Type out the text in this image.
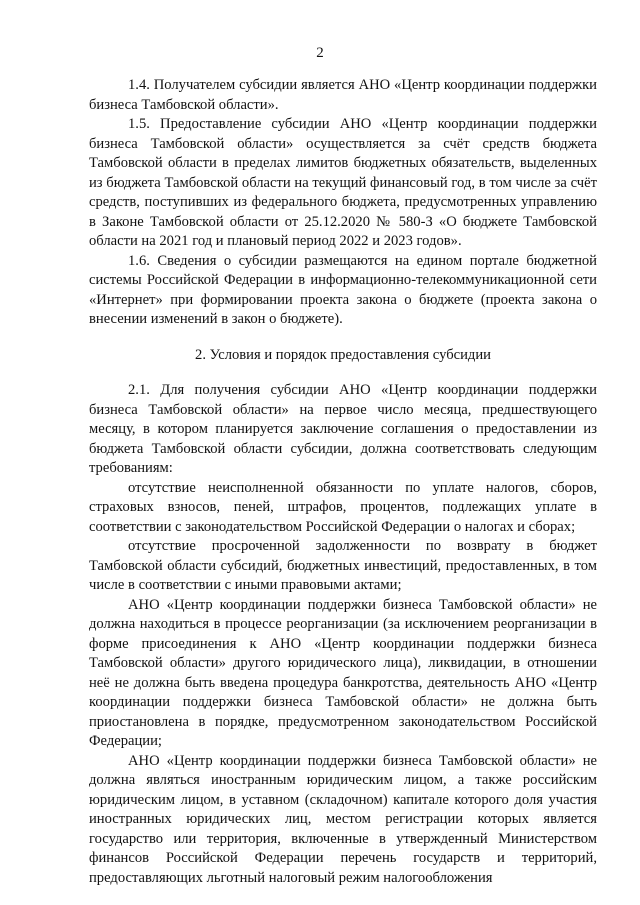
2

1.4. Получателем субсидии является АНО «Центр координации поддержки бизнеса Тамбовской области».

1.5. Предоставление субсидии АНО «Центр координации поддержки бизнеса Тамбовской области» осуществляется за счёт средств бюджета Тамбовской области в пределах лимитов бюджетных обязательств, выделенных из бюджета Тамбовской области на текущий финансовый год, в том числе за счёт средств, поступивших из федерального бюджета, предусмотренных управлению в Законе Тамбовской области от 25.12.2020 № 580-З «О бюджете Тамбовской области на 2021 год и плановый период 2022 и 2023 годов».

1.6. Сведения о субсидии размещаются на едином портале бюджетной системы Российской Федерации в информационно-телекоммуникационной сети «Интернет» при формировании проекта закона о бюджете (проекта закона о внесении изменений в закон о бюджете).

2. Условия и порядок предоставления субсидии

2.1. Для получения субсидии АНО «Центр координации поддержки бизнеса Тамбовской области» на первое число месяца, предшествующего месяцу, в котором планируется заключение соглашения о предоставлении из бюджета Тамбовской области субсидии, должна соответствовать следующим требованиям:

отсутствие неисполненной обязанности по уплате налогов, сборов, страховых взносов, пеней, штрафов, процентов, подлежащих уплате в соответствии с законодательством Российской Федерации о налогах и сборах;

отсутствие просроченной задолженности по возврату в бюджет Тамбовской области субсидий, бюджетных инвестиций, предоставленных, в том числе в соответствии с иными правовыми актами;

АНО «Центр координации поддержки бизнеса Тамбовской области» не должна находиться в процессе реорганизации (за исключением реорганизации в форме присоединения к АНО «Центр координации поддержки бизнеса Тамбовской области» другого юридического лица), ликвидации, в отношении неё не должна быть введена процедура банкротства, деятельность АНО «Центр координации поддержки бизнеса Тамбовской области» не должна быть приостановлена в порядке, предусмотренном законодательством Российской Федерации;

АНО «Центр координации поддержки бизнеса Тамбовской области» не должна являться иностранным юридическим лицом, а также российским юридическим лицом, в уставном (складочном) капитале которого доля участия иностранных юридических лиц, местом регистрации которых является государство или территория, включенные в утвержденный Министерством финансов Российской Федерации перечень государств и территорий, предоставляющих льготный налоговый режим налогообложения
